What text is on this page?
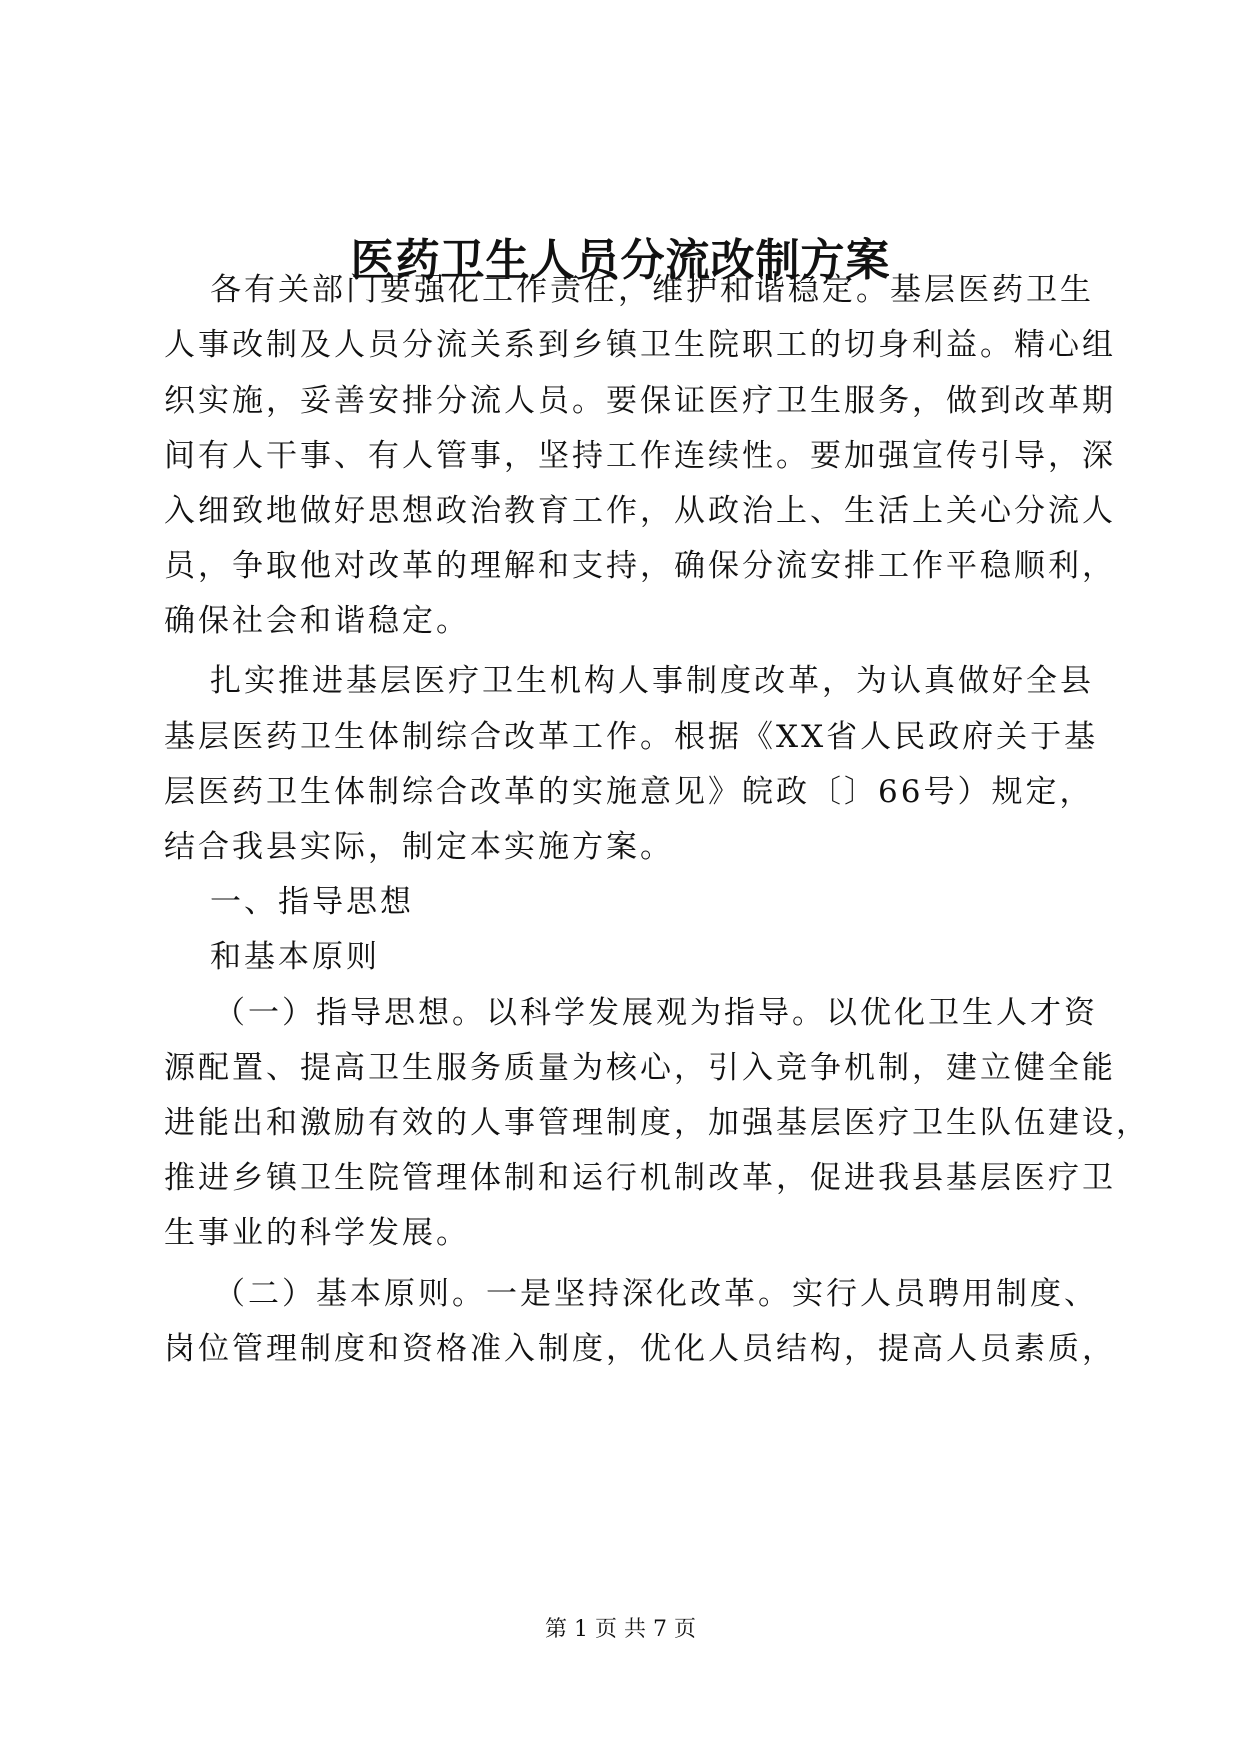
医药卫生人员分流改制方案
各有关部门要强化工作责任，维护和谐稳定。基层医药卫生
人事改制及人员分流关系到乡镇卫生院职工的切身利益。精心组
织实施，妥善安排分流人员。要保证医疗卫生服务，做到改革期
间有人干事、有人管事，坚持工作连续性。要加强宣传引导，深
入细致地做好思想政治教育工作，从政治上、生活上关心分流人
员，争取他对改革的理解和支持，确保分流安排工作平稳顺利，
确保社会和谐稳定。
扎实推进基层医疗卫生机构人事制度改革，为认真做好全县
基层医药卫生体制综合改革工作。根据《XX省人民政府关于基
层医药卫生体制综合改革的实施意见》皖政〔〕66号）规定，
结合我县实际，制定本实施方案。
一、指导思想
和基本原则
（一）指导思想。以科学发展观为指导。以优化卫生人才资
源配置、提高卫生服务质量为核心，引入竞争机制，建立健全能
进能出和激励有效的人事管理制度，加强基层医疗卫生队伍建设，
推进乡镇卫生院管理体制和运行机制改革，促进我县基层医疗卫
生事业的科学发展。
（二）基本原则。一是坚持深化改革。实行人员聘用制度、
岗位管理制度和资格准入制度，优化人员结构，提高人员素质，
第 1 页 共 7 页
